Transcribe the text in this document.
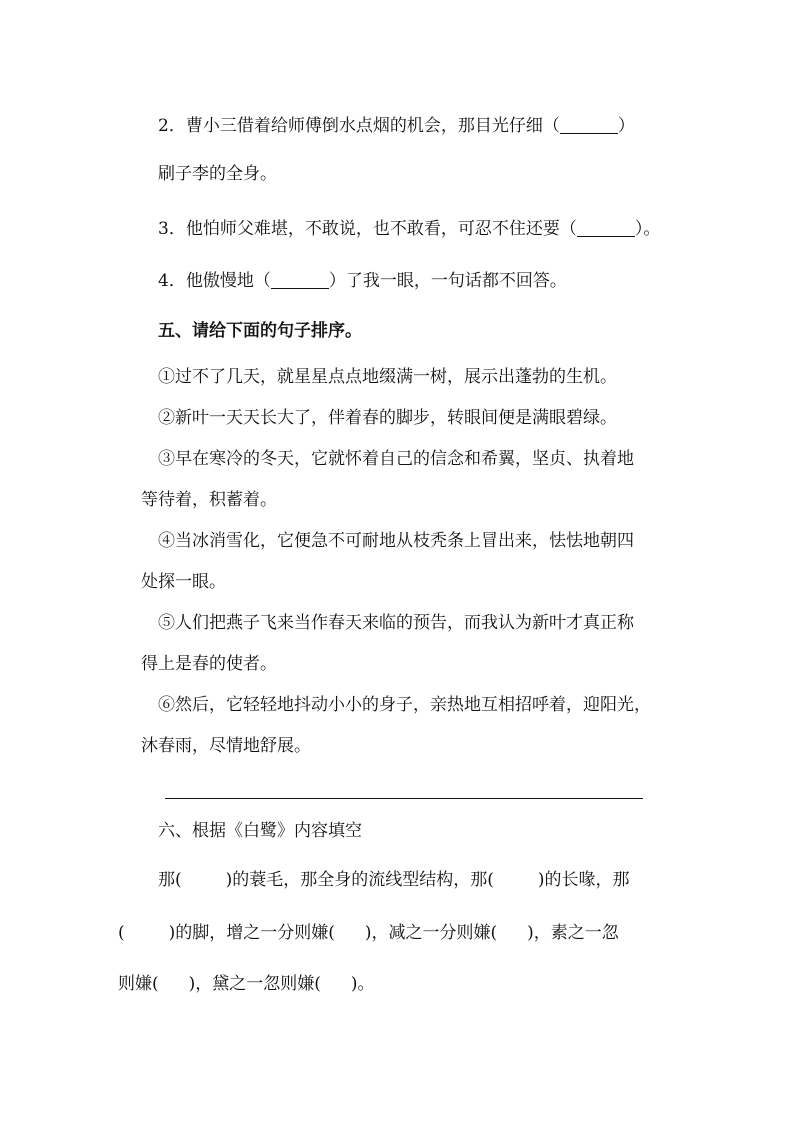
2．曹小三借着给师傅倒水点烟的机会，那目光仔细（	）
刷子李的全身。
3．他怕师父难堪，不敢说，也不敢看，可忍不住还要（	）。
4．他傲慢地（	）了我一眼，一句话都不回答。
五、请给下面的句子排序。
①过不了几天，就星星点点地缀满一树，展示出蓬勃的生机。
②新叶一天天长大了，伴着春的脚步，转眼间便是满眼碧绿。
③早在寒冷的冬天，它就怀着自己的信念和希翼，坚贞、执着地
等待着，积蓄着。
④当冰消雪化，它便急不可耐地从枝秃条上冒出来，怯怯地朝四
处探一眼。
⑤人们把燕子飞来当作春天来临的预告，而我认为新叶才真正称
得上是春的使者。
⑥然后，它轻轻地抖动小小的身子，亲热地互相招呼着，迎阳光，
沐春雨，尽情地舒展。
六、根据《白鹭》内容填空
那(	)的蓑毛，那全身的流线型结构，那(	)的长喙，那
(	)的脚，增之一分则嫌( )，减之一分则嫌( )，素之一忽
则嫌( )，黛之一忽则嫌( )。
